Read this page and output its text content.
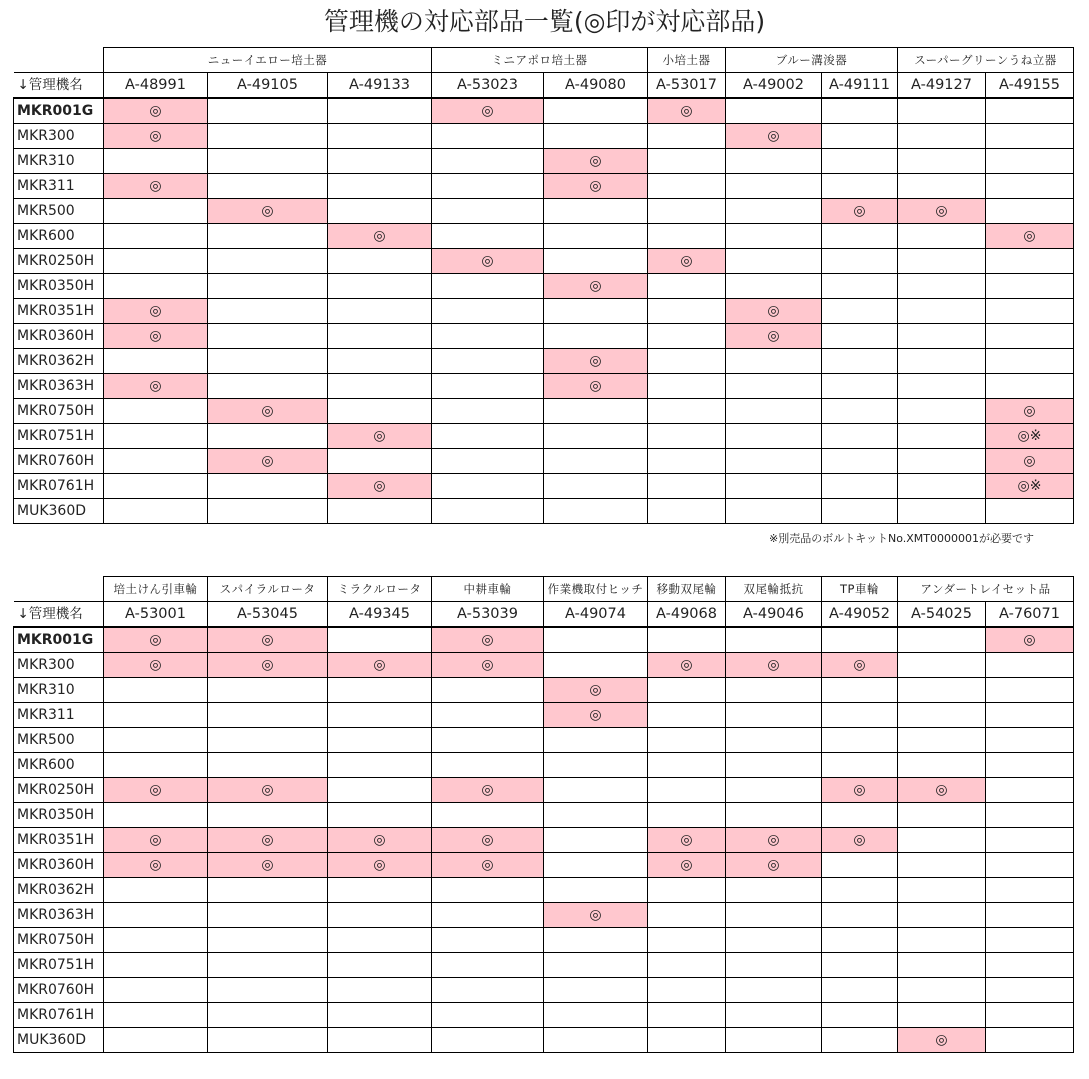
管理機の対応部品一覧(◎印が対応部品)
	ニューイエロー培土器			ミニアポロ培土器		小培土器	ブルー溝浚器		スーパーグリーンうね立器	
↓管理機名	A-48991	A-49105	A-49133	A-53023	A-49080	A-53017	A-49002	A-49111	A-49127	A-49155
MKR001G	◎			◎		◎				
MKR300	◎						◎			
MKR310					◎					
MKR311	◎				◎					
MKR500		◎						◎	◎	
MKR600			◎							◎
MKR0250H				◎		◎				
MKR0350H					◎					
MKR0351H	◎						◎			
MKR0360H	◎						◎			
MKR0362H					◎					
MKR0363H	◎				◎					
MKR0750H		◎								◎
MKR0751H			◎							◎※
MKR0760H		◎								◎
MKR0761H			◎							◎※
MUK360D										
※別売品のボルトキットNo.XMT0000001が必要です
	培土けん引車輪	スパイラルロータ	ミラクルロータ	中耕車輪	作業機取付ヒッチ	移動双尾輪	双尾輪抵抗	TP車輪	アンダートレイセット品	
↓管理機名	A-53001	A-53045	A-49345	A-53039	A-49074	A-49068	A-49046	A-49052	A-54025	A-76071
MKR001G	◎	◎		◎						◎
MKR300	◎	◎	◎	◎		◎	◎	◎		
MKR310					◎					
MKR311					◎					
MKR500										
MKR600										
MKR0250H	◎	◎		◎				◎	◎	
MKR0350H										
MKR0351H	◎	◎	◎	◎		◎	◎	◎		
MKR0360H	◎	◎	◎	◎		◎	◎			
MKR0362H										
MKR0363H					◎					
MKR0750H										
MKR0751H										
MKR0760H										
MKR0761H										
MUK360D									◎	
